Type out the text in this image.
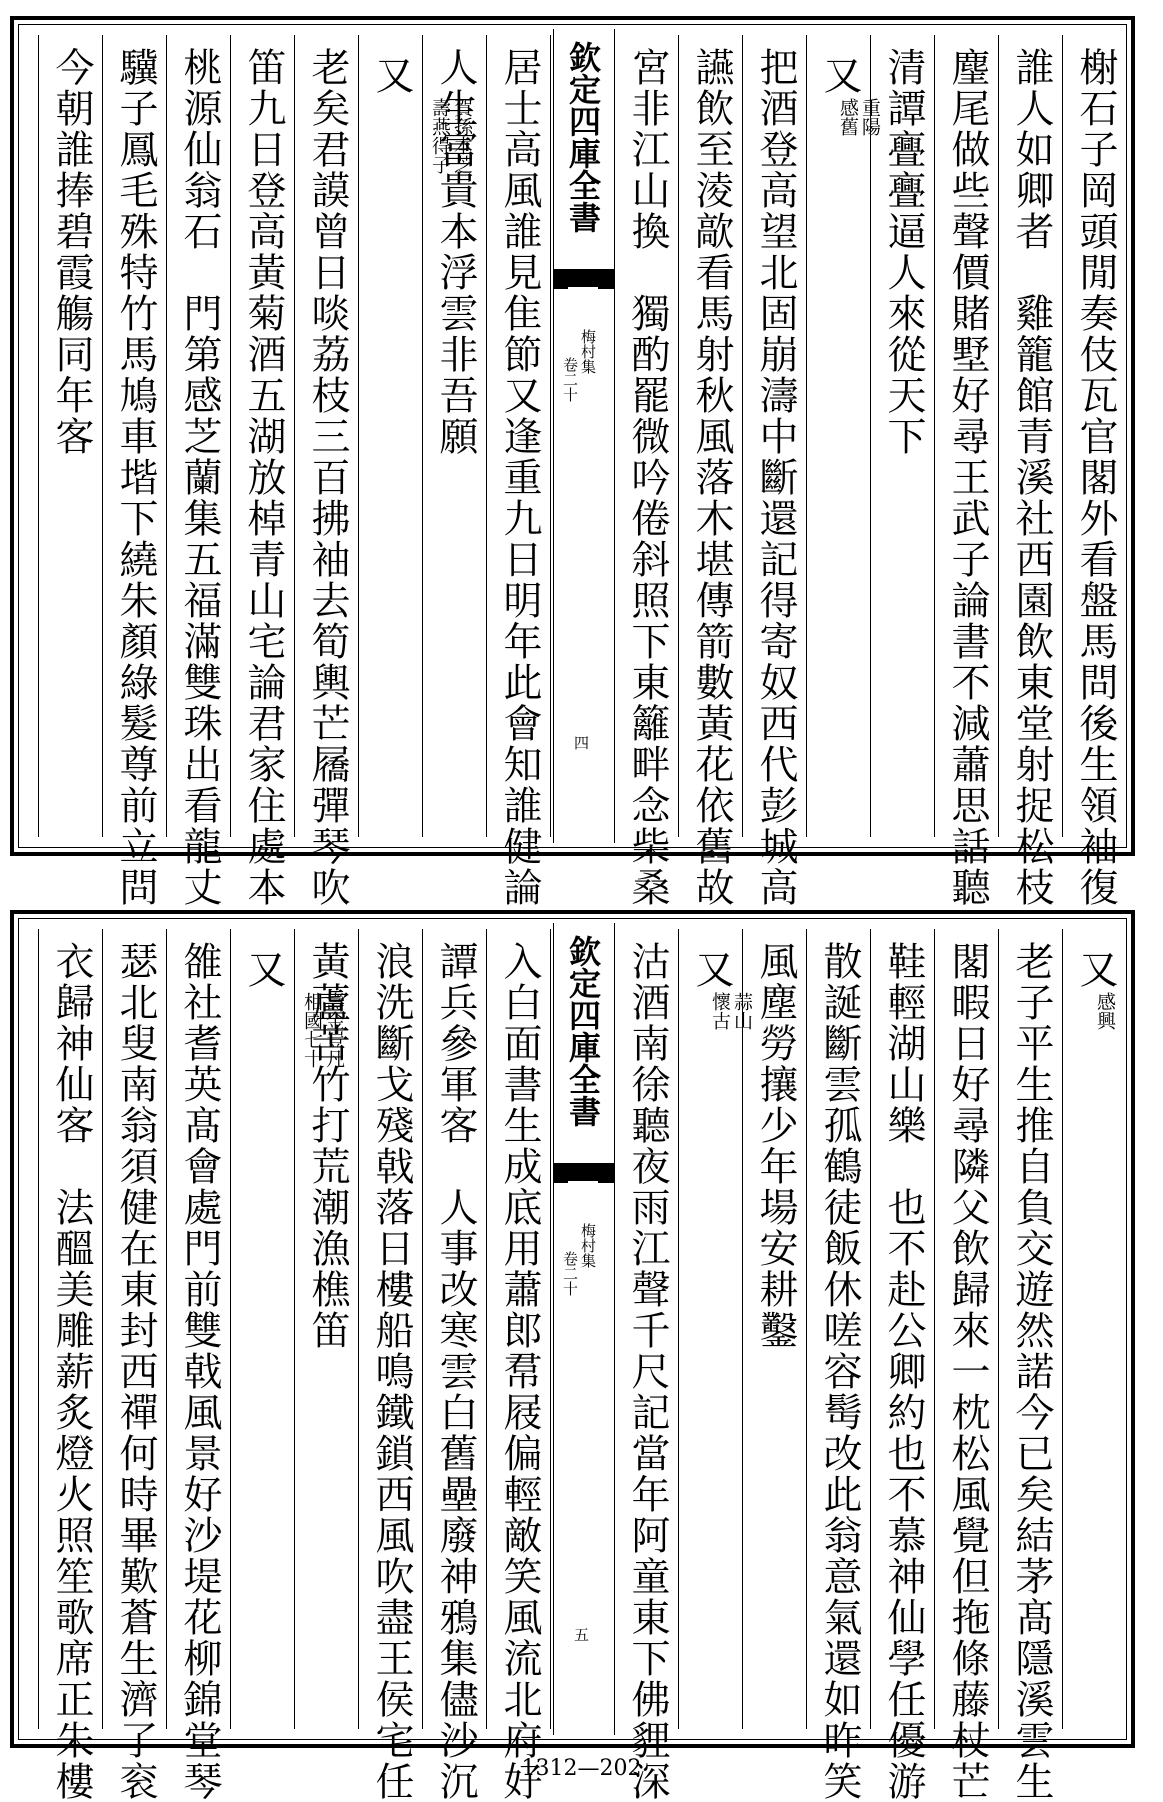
榭石子岡頭閒奏伎瓦官閣外看盤馬問後生領袖復
誰人如卿者　雞籠館青溪社西園飲東堂射捉松枝
麈尾做些聲價賭墅好尋王武子論書不減蕭思話聽
清譚亹亹逼人來從天下
又
重陽
感舊
把酒登高望北固崩濤中斷還記得寄奴西代彭城高
讌飲至淩歊看馬射秋風落木堪傳箭數黃花依舊故
宮非江山換　獨酌罷微吟倦斜照下東籬畔念柴桑
欽定四庫全書
梅村集
卷二十
四
居士高風誰見隹節又逢重九日明年此會知誰健論
人生富貴本浮雲非吾願
又
賀孫本芝
壽燕得子
老矣君謨曾日啖荔枝三百拂袖去筍輿芒屩彈琴吹
笛九日登高黃菊酒五湖放棹青山宅論君家住處本
桃源仙翁石　門第感芝蘭集五福滿雙珠出看龍丈
驥子鳳毛殊特竹馬鳩車堦下繞朱顏綠髮尊前立問
今朝誰捧碧霞觴同年客
又
感興
老子平生推自負交遊然諾今已矣結茅髙隱溪雲生
閣暇日好尋隣父飲歸來一枕松風覺但拖條藤杖芒
鞋輕湖山樂　也不赴公卿約也不慕神仙學任優游
散誕斷雲孤鶴徒飯休嗟容髩改此翁意氣還如昨笑
風塵勞攘少年場安耕鑿
又
蒜山
懷古
沽酒南徐聽夜雨江聲千尺記當年阿童東下佛貍深
欽定四庫全書
梅村集
卷二十
五
入白面書生成底用蕭郎帬屐偏輕敵笑風流北府好
譚兵參軍客　人事改寒雲白舊壘廢神鴉集儘沙沉
浪洗斷戈殘戟落日樓船鳴鐵鎖西風吹盡王侯宅任
黃蘆苦竹打荒潮漁樵笛
又
壽金豈凡
相國七十
雒社耆英髙會處門前雙戟風景好沙堤花柳錦堂琴
瑟北叟南翁須健在東封西禪何時畢歎蒼生濟了衮
衣歸神仙客　法醞美雕薪炙燈火照笙歌席正朱樓	1312—202
